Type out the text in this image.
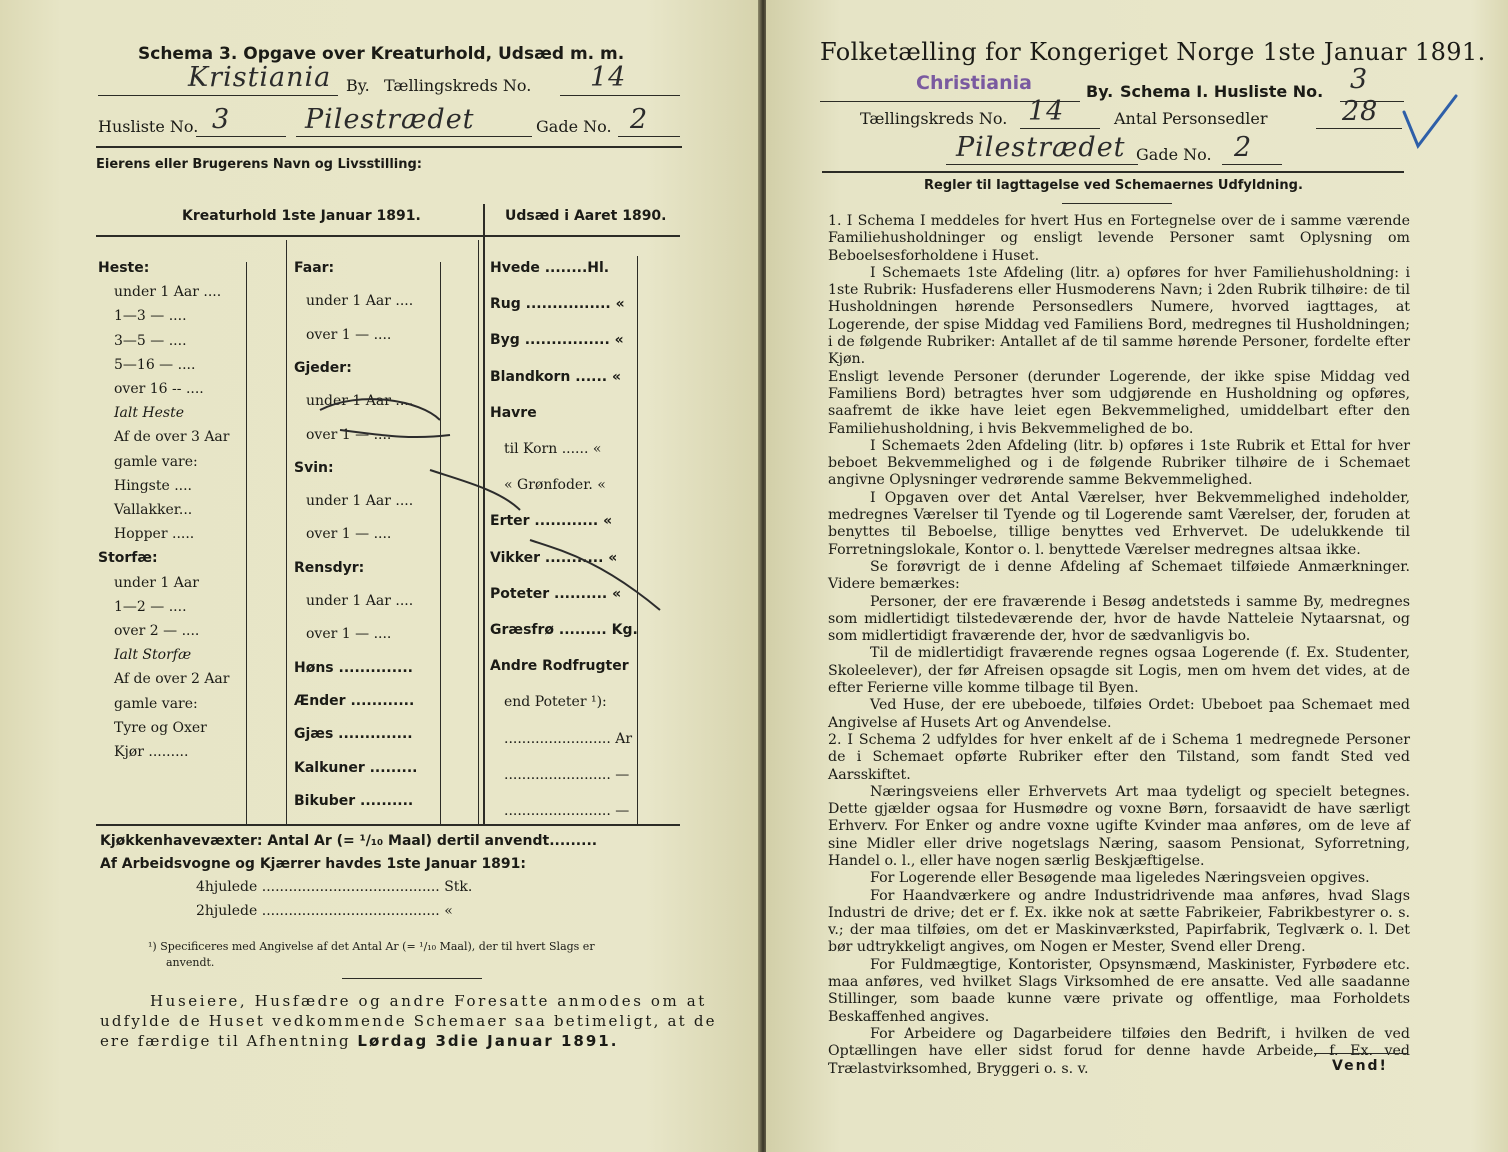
Schema 3. Opgave over Kreaturhold, Udsæd m. m.
Kristiania By. Tællingskreds No. 14
Husliste No. 3	Pilestrædet	Gade No. 2
Eierens eller Brugerens Navn og Livsstilling:
Kreaturhold 1ste Januar 1891.	Udsæd i Aaret 1890.
Heste:
under 1 Aar ....
1—3 — ....
3—5 — ....
5—16 — ....
over 16 -- ....
Ialt Heste
Af de over 3 Aar
gamle vare:
Hingste ....
Vallakker...
Hopper .....
Storfæ:
under 1 Aar
1—2 — ....
over 2 — ....
Ialt Storfæ
Af de over 2 Aar
gamle vare:
Tyre og Oxer
Kjør .........
Faar:
under 1 Aar ....
over 1 — ....
Gjeder:
under 1 Aar ....
over 1 — ....
Svin:
under 1 Aar ....
over 1 — ....
Rensdyr:
under 1 Aar ....
over 1 — ....
Høns ..............
Ænder ............
Gjæs ..............
Kalkuner .........
Bikuber ..........
Hvede ........Hl.
Rug ................ «
Byg ................ «
Blandkorn ...... «
Havre
til Korn ...... «
« Grønfoder. «
Erter ............ «
Vikker ........... «
Poteter .......... «
Græsfrø ......... Kg.
Andre Rodfrugter
end Poteter ¹):
........................ Ar
........................ —
........................ —
Kjøkkenhavevæxter: Antal Ar (= ¹/₁₀ Maal) dertil anvendt.........
Af Arbeidsvogne og Kjærrer havdes 1ste Januar 1891:
4hjulede ........................................ Stk.
2hjulede ........................................ «
¹) Specificeres med Angivelse af det Antal Ar (= ¹/₁₀ Maal), der til hvert Slags er
anvendt.
Huseiere, Husfædre og andre Foresatte anmodes om at
udfylde de Huset vedkommende Schemaer saa betimeligt, at de
ere færdige til Afhentning Lørdag 3die Januar 1891.
Folketælling for Kongeriget Norge 1ste Januar 1891.
Christiania	By. Schema I. Husliste No. 3
Tællingskreds No. 14	Antal Personsedler	28
Pilestrædet Gade No. 2
Regler til Iagttagelse ved Schemaernes Udfyldning.
1. I Schema I meddeles for hvert Hus en Fortegnelse over de i samme værende Familiehusholdninger og ensligt levende Personer samt Oplysning om Beboelsesforholdene i Huset.
I Schemaets 1ste Afdeling (litr. a) opføres for hver Familiehusholdning: i 1ste Rubrik: Husfaderens eller Husmoderens Navn; i 2den Rubrik tilhøire: de til Husholdningen hørende Personsedlers Numere, hvorved iagttages, at Logerende, der spise Middag ved Familiens Bord, medregnes til Husholdningen; i de følgende Rubriker: Antallet af de til samme hørende Personer, fordelte efter Kjøn.
Ensligt levende Personer (derunder Logerende, der ikke spise Middag ved Familiens Bord) betragtes hver som udgjørende en Husholdning og opføres, saafremt de ikke have leiet egen Bekvemmelighed, umiddelbart efter den Familiehusholdning, i hvis Bekvemmelighed de bo.
I Schemaets 2den Afdeling (litr. b) opføres i 1ste Rubrik et Ettal for hver beboet Bekvemmelighed og i de følgende Rubriker tilhøire de i Schemaet angivne Oplysninger vedrørende samme Bekvemmelighed.
I Opgaven over det Antal Værelser, hver Bekvemmelighed indeholder, medregnes Værelser til Tyende og til Logerende samt Værelser, der, foruden at benyttes til Beboelse, tillige benyttes ved Erhvervet. De udelukkende til Forretningslokale, Kontor o. l. benyttede Værelser medregnes altsaa ikke.
Se forøvrigt de i denne Afdeling af Schemaet tilføiede Anmærkninger. Videre bemærkes:
Personer, der ere fraværende i Besøg andetsteds i samme By, medregnes som midlertidigt tilstedeværende der, hvor de havde Natteleie Nytaarsnat, og som midlertidigt fraværende der, hvor de sædvanligvis bo.
Til de midlertidigt fraværende regnes ogsaa Logerende (f. Ex. Studenter, Skoleelever), der før Afreisen opsagde sit Logis, men om hvem det vides, at de efter Ferierne ville komme tilbage til Byen.
Ved Huse, der ere ubeboede, tilføies Ordet: Ubeboet paa Schemaet med Angivelse af Husets Art og Anvendelse.
2. I Schema 2 udfyldes for hver enkelt af de i Schema 1 medregnede Personer de i Schemaet opførte Rubriker efter den Tilstand, som fandt Sted ved Aarsskiftet.
Næringsveiens eller Erhvervets Art maa tydeligt og specielt betegnes. Dette gjælder ogsaa for Husmødre og voxne Børn, forsaavidt de have særligt Erhverv. For Enker og andre voxne ugifte Kvinder maa anføres, om de leve af sine Midler eller drive nogetslags Næring, saasom Pensionat, Syforretning, Handel o. l., eller have nogen særlig Beskjæftigelse.
For Logerende eller Besøgende maa ligeledes Næringsveien opgives.
For Haandværkere og andre Industridrivende maa anføres, hvad Slags Industri de drive; det er f. Ex. ikke nok at sætte Fabrikeier, Fabrikbestyrer o. s. v.; der maa tilføies, om det er Maskinværksted, Papirfabrik, Teglværk o. l. Det bør udtrykkeligt angives, om Nogen er Mester, Svend eller Dreng.
For Fuldmægtige, Kontorister, Opsynsmænd, Maskinister, Fyrbødere etc. maa anføres, ved hvilket Slags Virksomhed de ere ansatte. Ved alle saadanne Stillinger, som baade kunne være private og offentlige, maa Forholdets Beskaffenhed angives.
For Arbeidere og Dagarbeidere tilføies den Bedrift, i hvilken de ved Optællingen have eller sidst forud for denne havde Arbeide, f. Ex. ved Trælastvirksomhed, Bryggeri o. s. v.	Vend!
